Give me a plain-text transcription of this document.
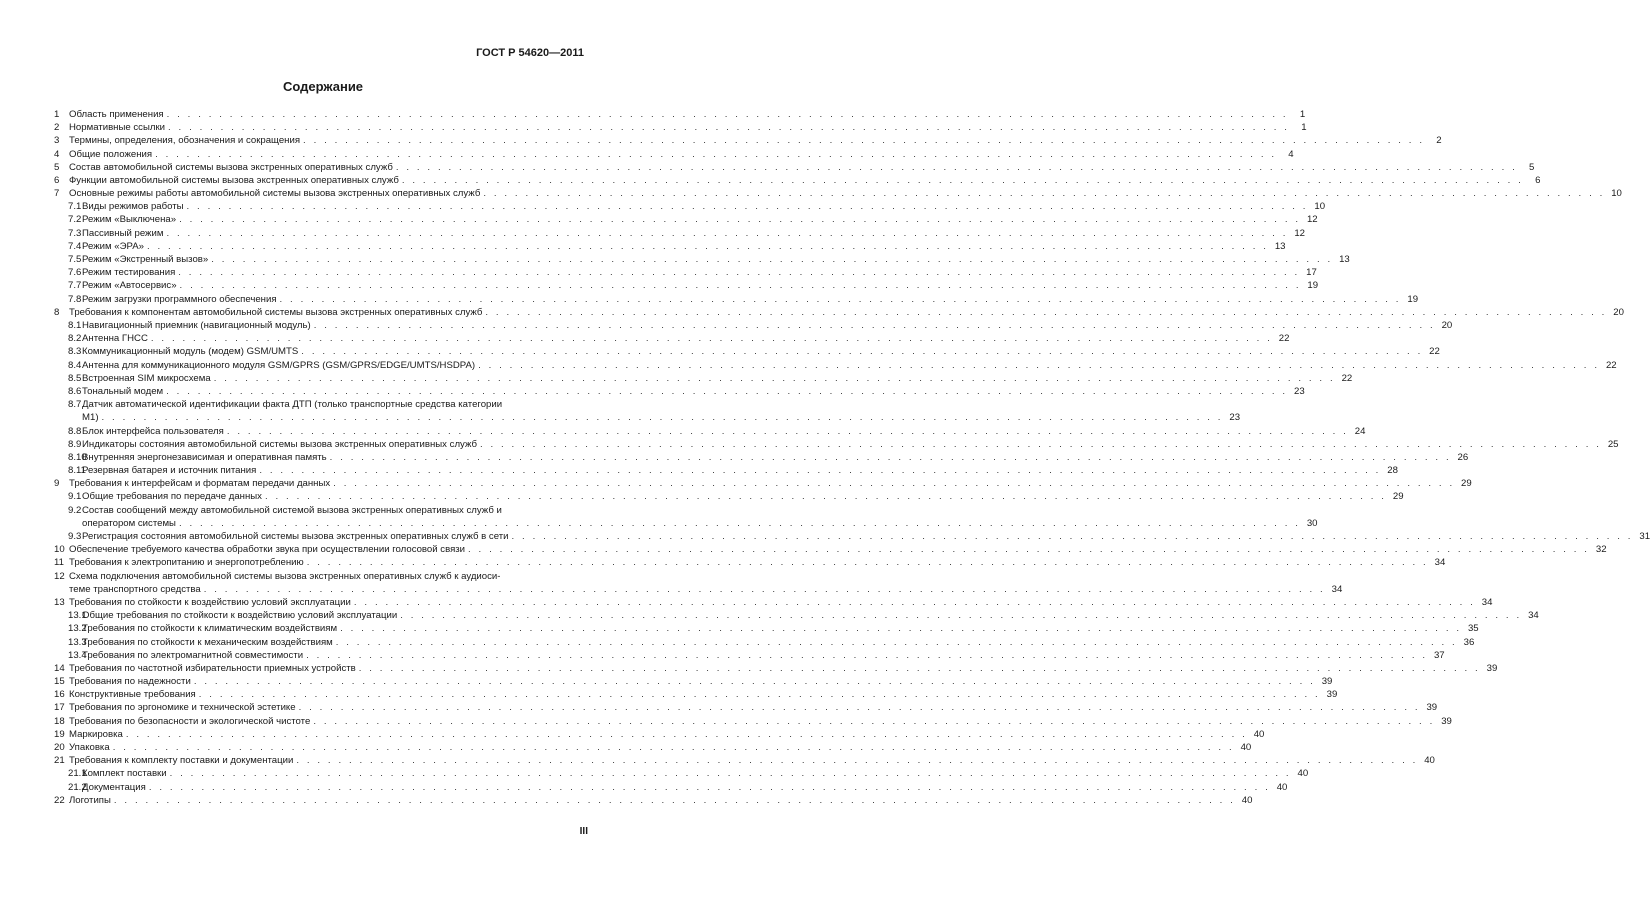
ГОСТ Р 54620—2011
Содержание
1	Область применения . . .	1
2	Нормативные ссылки . . .	1
3	Термины, определения, обозначения и сокращения . . .	2
4	Общие положения . . .	4
5	Состав автомобильной системы вызова экстренных оперативных служб . . .	5
6	Функции автомобильной системы вызова экстренных оперативных служб . . .	6
7	Основные режимы работы автомобильной системы вызова экстренных оперативных служб . . .	10
7.1 Виды режимов работы . . .	10
7.2 Режим «Выключена» . . .	12
7.3 Пассивный режим . . .	12
7.4 Режим «ЭРА» . . .	13
7.5 Режим «Экстренный вызов» . . .	13
7.6 Режим тестирования . . .	17
7.7 Режим «Автосервис» . . .	19
7.8 Режим загрузки программного обеспечения . . .	19
8	Требования к компонентам автомобильной системы вызова экстренных оперативных служб . . .	20
8.1 Навигационный приемник (навигационный модуль) . . .	20
8.2 Антенна ГНСС . . .	22
8.3 Коммуникационный модуль (модем) GSM/UMTS . . .	22
8.4 Антенна для коммуникационного модуля GSM/GPRS (GSM/GPRS/EDGE/UMTS/HSDPA) . . .	22
8.5 Встроенная SIM микросхема . . .	22
8.6 Тональный модем . . .	23
8.7 Датчик автоматической идентификации факта ДТП (только транспортные средства категории
M1) . . .	23
8.8 Блок интерфейса пользователя . . .	24
8.9 Индикаторы состояния автомобильной системы вызова экстренных оперативных служб . . .	25
8.10
Внутренняя энергонезависимая и оперативная память . . .	26
8.11
Резервная батарея и источник питания . . .	28
9	Требования к интерфейсам и форматам передачи данных . . .	29
9.1 Общие требования по передаче данных . . .	29
9.2 Состав сообщений между автомобильной системой вызова экстренных оперативных служб и
оператором системы . . .	30
9.3 Регистрация состояния автомобильной системы вызова экстренных оперативных служб в сети . . .	31
10 Обеспечение требуемого качества обработки звука при осуществлении голосовой связи . . .	32
11 Требования к электропитанию и энергопотреблению . . .	34
12 Схема подключения автомобильной системы вызова экстренных оперативных служб к аудиоси-
теме транспортного средства . . .	34
13 Требования по стойкости к воздействию условий эксплуатации . . .	34
13.1
Общие требования по стойкости к воздействию условий эксплуатации . . .	34
13.2
Требования по стойкости к климатическим воздействиям . . .	35
13.3
Требования по стойкости к механическим воздействиям . . .	36
13.4
Требования по электромагнитной совместимости . . .	37
14 Требования по частотной избирательности приемных устройств . . .	39
15 Требования по надежности . . .	39
16 Конструктивные требования . . .	39
17 Требования по эргономике и технической эстетике . . .	39
18 Требования по безопасности и экологической чистоте . . .	39
19 Маркировка . . .	40
20 Упаковка . . .	40
21 Требования к комплекту поставки и документации . . .	40
21.1
Комплект поставки . . .	40
21.2
Документация . . .	40
22 Логотипы . . .	40
III
